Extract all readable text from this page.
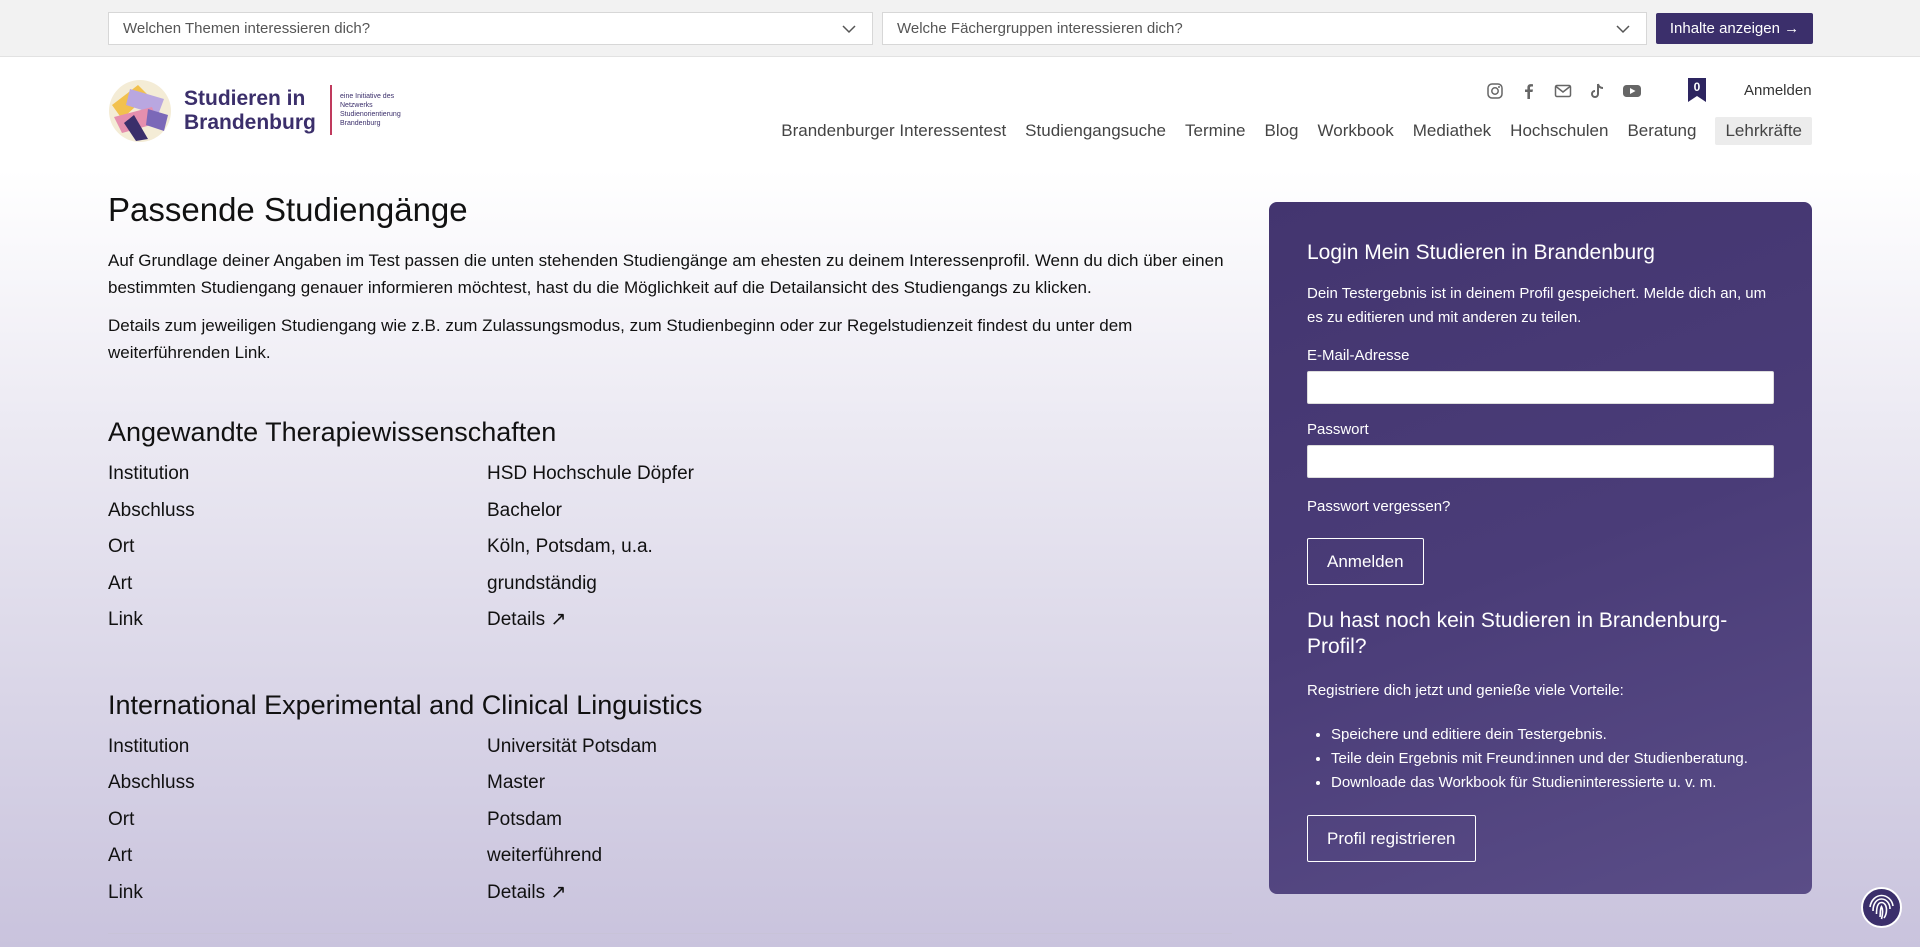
Welchen Themen interessieren dich?	Welche Fächergruppen interessieren dich?	Inhalte anzeigen →
Studieren in
Brandenburg
eine Initiative des
Netzwerks
Studienorientierung
Brandenburg
0	Anmelden
Brandenburger Interessentest Studiengangsuche Termine Blog Workbook Mediathek Hochschulen Beratung	Lehrkräfte
Passende Studiengänge

Auf Grundlage deiner Angaben im Test passen die unten stehenden Studiengänge am ehesten zu deinem Interessenprofil. Wenn du dich über einen bestimmten Studiengang genauer informieren möchtest, hast du die Möglichkeit auf die Detailansicht des Studiengangs zu klicken.

Details zum jeweiligen Studiengang wie z.B. zum Zulassungsmodus, zum Studienbeginn oder zur Regelstudienzeit findest du unter dem weiterführenden Link.

Angewandte Therapiewissenschaften
Institution	HSD Hochschule Döpfer
Abschluss	Bachelor
Ort	Köln, Potsdam, u.a.
Art	grundständig
Link	Details ↗
International Experimental and Clinical Linguistics
Institution	Universität Potsdam
Abschluss	Master
Ort	Potsdam
Art	weiterführend
Link	Details ↗
Login Mein Studieren in Brandenburg

Dein Testergebnis ist in deinem Profil gespeichert. Melde dich an, um es zu editieren und mit anderen zu teilen.

E-Mail-Adresse
Passwort
Passwort vergessen?
Anmelden
Du hast noch kein Studieren in Brandenburg-Profil?

Registriere dich jetzt und genieße viele Vorteile:

• Speichere und editiere dein Testergebnis.
• Teile dein Ergebnis mit Freund:innen und der Studienberatung.
• Downloade das Workbook für Studieninteressierte u. v. m.
Profil registrieren
